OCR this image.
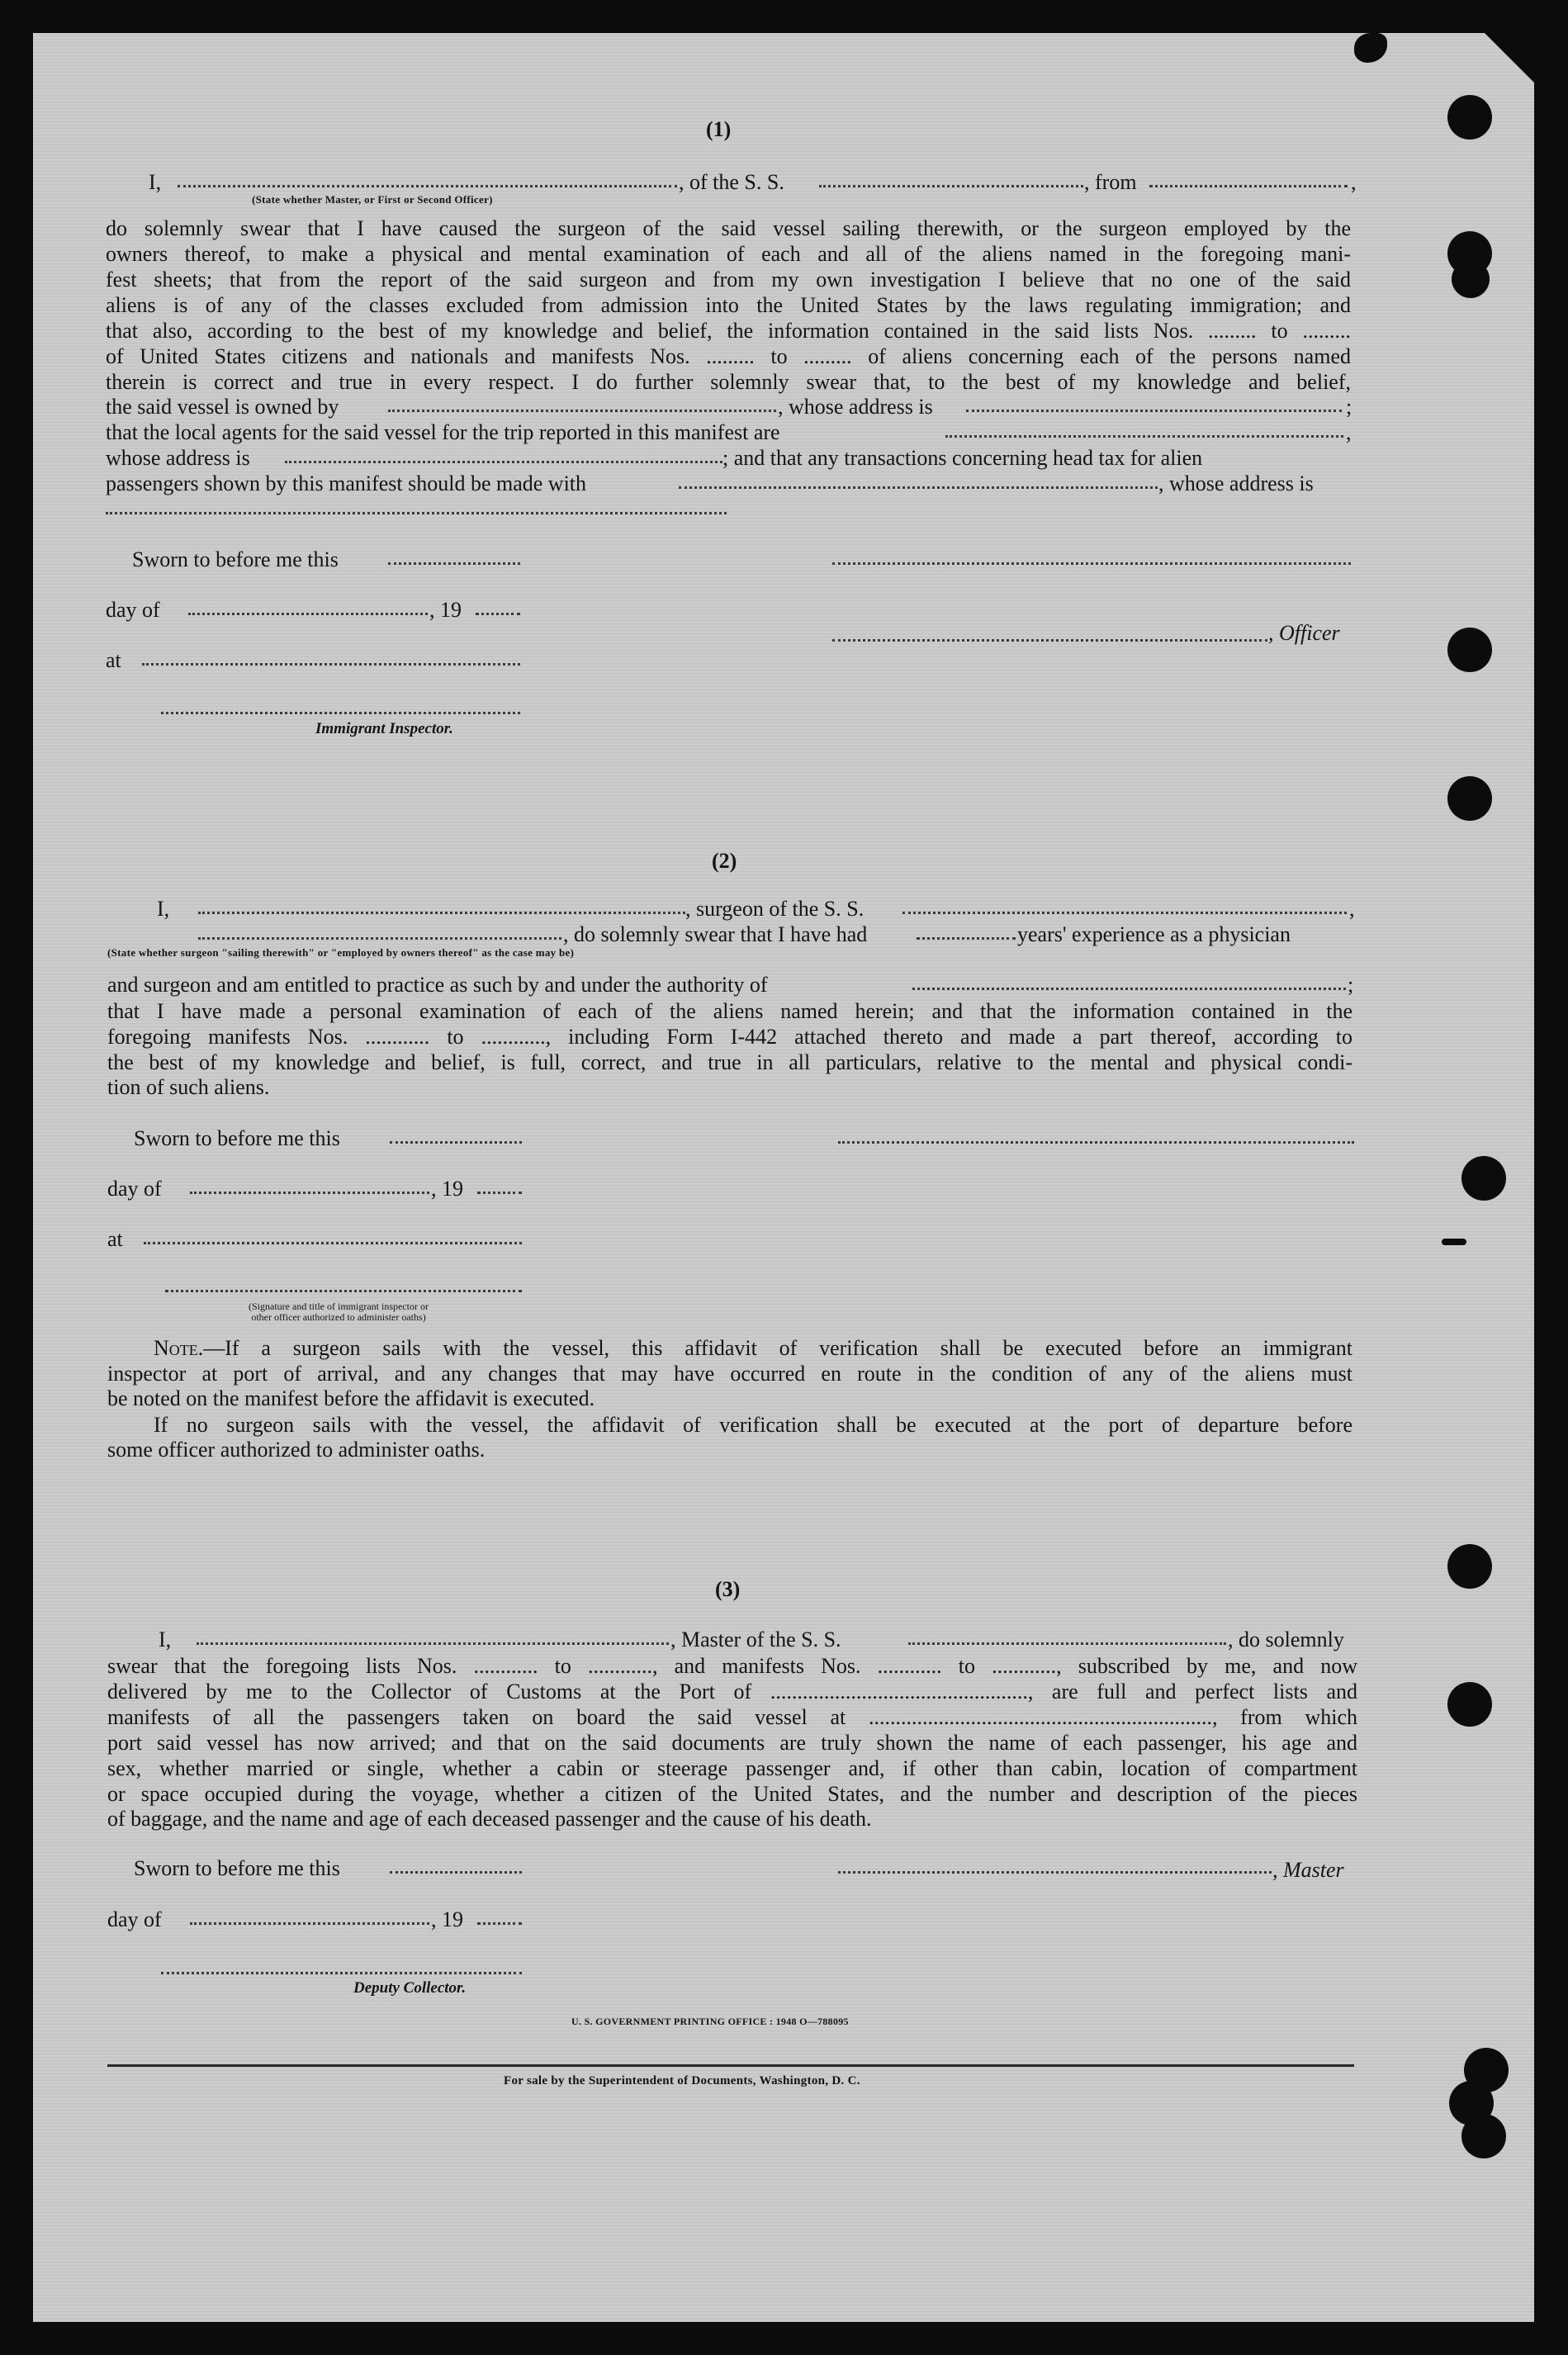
(1)
I,	, of the S. S.	, from	,
(State whether Master, or First or Second Officer)
do solemnly swear that I have caused the surgeon of the said vessel sailing therewith, or the surgeon employed by the
owners thereof, to make a physical and mental examination of each and all of the aliens named in the foregoing mani-
fest sheets; that from the report of the said surgeon and from my own investigation I believe that no one of the said
aliens is of any of the classes excluded from admission into the United States by the laws regulating immigration; and
that also, according to the best of my knowledge and belief, the information contained in the said lists Nos. ......... to .........
of United States citizens and nationals and manifests Nos. ......... to ......... of aliens concerning each of the persons named
therein is correct and true in every respect. I do further solemnly swear that, to the best of my knowledge and belief,
the said vessel is owned by	, whose address is	;
that the local agents for the said vessel for the trip reported in this manifest are	,
whose address is	; and that any transactions concerning head tax for alien
passengers shown by this manifest should be made with	, whose address is
Sworn to before me this
day of	, 19
, Officer
at
Immigrant Inspector.
(2)
I,	, surgeon of the S. S.	,
, do solemnly swear that I have had	years' experience as a physician
(State whether surgeon "sailing therewith" or "employed by owners thereof" as the case may be)
and surgeon and am entitled to practice as such by and under the authority of	;
that I have made a personal examination of each of the aliens named herein; and that the information contained in the
foregoing manifests Nos. ............ to ............, including Form I-442 attached thereto and made a part thereof, according to
the best of my knowledge and belief, is full, correct, and true in all particulars, relative to the mental and physical condi-
tion of such aliens.
Sworn to before me this
day of	, 19
at
(Signature and title of immigrant inspector or
other officer authorized to administer oaths)
Note.—If a surgeon sails with the vessel, this affidavit of verification shall be executed before an immigrant
inspector at port of arrival, and any changes that may have occurred en route in the condition of any of the aliens must
be noted on the manifest before the affidavit is executed.
If no surgeon sails with the vessel, the affidavit of verification shall be executed at the port of departure before
some officer authorized to administer oaths.
(3)
I,	, Master of the S. S.	, do solemnly
swear that the foregoing lists Nos. ............ to ............, and manifests Nos. ............ to ............, subscribed by me, and now
delivered by me to the Collector of Customs at the Port of ................................................, are full and perfect lists and
manifests of all the passengers taken on board the said vessel at ................................................................, from which
port said vessel has now arrived; and that on the said documents are truly shown the name of each passenger, his age and
sex, whether married or single, whether a cabin or steerage passenger and, if other than cabin, location of compartment
or space occupied during the voyage, whether a citizen of the United States, and the number and description of the pieces
of baggage, and the name and age of each deceased passenger and the cause of his death.
Sworn to before me this	, Master
day of	, 19
Deputy Collector.
U. S. GOVERNMENT PRINTING OFFICE : 1948 O—788095
For sale by the Superintendent of Documents, Washington, D. C.
